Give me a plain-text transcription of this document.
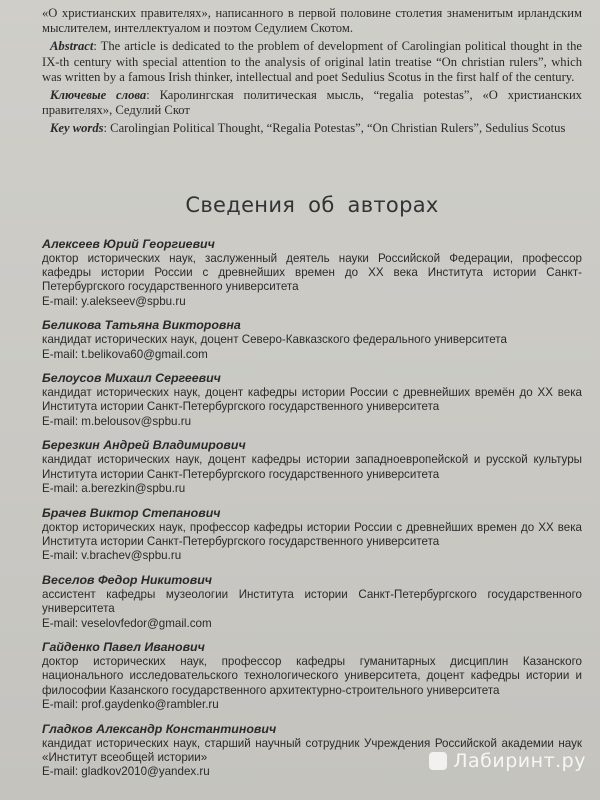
«О христианских правителях», написанного в первой половине столетия знаменитым ирландским мыслителем, интеллектуалом и поэтом Седулием Скотом.

Abstract: The article is dedicated to the problem of development of Carolingian political thought in the IX-th century with special attention to the analysis of original latin treatise “On christian rulers”, which was written by a famous Irish thinker, intellectual and poet Sedulius Scotus in the first half of the century.

Ключевые слова: Каролингская политическая мысль, “regalia potestas”, «О христианских правителях», Седулий Скот

Key words: Carolingian Political Thought, “Regalia Potestas”, “On Christian Rulers”, Sedulius Scotus

Сведения об авторах
Алексеев Юрий Георгиевич
доктор исторических наук, заслуженный деятель науки Российской Федерации, профессор кафедры истории России с древнейших времен до XX века Института истории Санкт-Петербургского государственного университета
E-mail: y.alekseev@spbu.ru
Беликова Татьяна Викторовна
кандидат исторических наук, доцент Северо-Кавказского федерального университета
E-mail: t.belikova60@gmail.com
Белоусов Михаил Сергеевич
кандидат исторических наук, доцент кафедры истории России с древнейших времён до XX века Института истории Санкт-Петербургского государственного университета
E-mail: m.belousov@spbu.ru
Березкин Андрей Владимирович
кандидат исторических наук, доцент кафедры истории западноевропейской и русской культуры Института истории Санкт-Петербургского государственного университета
E-mail: a.berezkin@spbu.ru
Брачев Виктор Степанович
доктор исторических наук, профессор кафедры истории России с древнейших времен до XX века Института истории Санкт-Петербургского государственного университета
E-mail: v.brachev@spbu.ru
Веселов Федор Никитович
ассистент кафедры музеологии Института истории Санкт-Петербургского государственного университета
E-mail: veselovfedor@gmail.com
Гайденко Павел Иванович
доктор исторических наук, профессор кафедры гуманитарных дисциплин Казанского национального исследовательского технологического университета, доцент кафедры истории и философии Казанского государственного архитектурно-строительного университета
E-mail: prof.gaydenko@rambler.ru
Гладков Александр Константинович
кандидат исторических наук, старший научный сотрудник Учреждения Российской академии наук «Институт всеобщей истории»
E-mail: gladkov2010@yandex.ru	Лабиринт.ру
